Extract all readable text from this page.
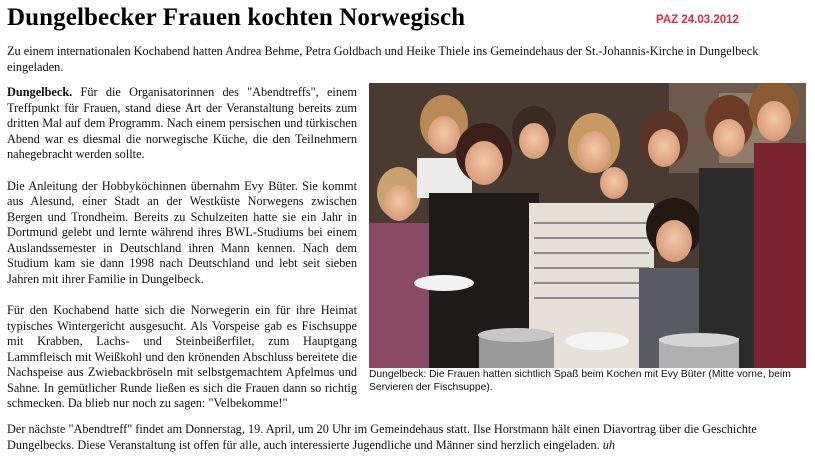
Dungelbecker Frauen kochten Norwegisch	PAZ 24.03.2012

Zu einem internationalen Kochabend hatten Andrea Behme, Petra Goldbach und Heike Thiele ins Gemeindehaus der St.-Johannis-Kirche in Dungelbeck eingeladen.

Dungelbeck. Für die Organisatorinnen des "Abendtreffs", einem Treffpunkt für Frauen, stand diese Art der Veranstaltung bereits zum dritten Mal auf dem Programm. Nach einem persischen und türkischen Abend war es diesmal die norwegische Küche, die den Teilnehmern nahegebracht werden sollte.

Die Anleitung der Hobbyköchinnen übernahm Evy Büter. Sie kommt aus Alesund, einer Stadt an der Westküste Norwegens zwischen Bergen und Trondheim. Bereits zu Schulzeiten hatte sie ein Jahr in Dortmund gelebt und lernte während ihres BWL-Studiums bei einem Auslandssemester in Deutschland ihren Mann kennen. Nach dem Studium kam sie dann 1998 nach Deutschland und lebt seit sieben Jahren mit ihrer Familie in Dungelbeck.

Für den Kochabend hatte sich die Norwegerin ein für ihre Heimat typisches Wintergericht ausgesucht. Als Vorspeise gab es Fischsuppe mit Krabben, Lachs- und Steinbeißerfilet, zum Hauptgang Lammfleisch mit Weißkohl und den krönenden Abschluss bereitete die Nachspeise aus Zwiebackbröseln mit selbstgemachtem Apfelmus und Sahne. In gemütlicher Runde ließen es sich die Frauen dann so richtig schmecken. Da blieb nur noch zu sagen: "Velbekomme!"

Dungelbeck: Die Frauen hatten sichtlich Spaß beim Kochen mit Evy Büter (Mitte vorne, beim Servieren der Fischsuppe).

Der nächste "Abendtreff" findet am Donnerstag, 19. April, um 20 Uhr im Gemeindehaus statt. Ilse Horstmann hält einen Diavortrag über die Geschichte Dungelbecks. Diese Veranstaltung ist offen für alle, auch interessierte Jugendliche und Männer sind herzlich eingeladen. uh
